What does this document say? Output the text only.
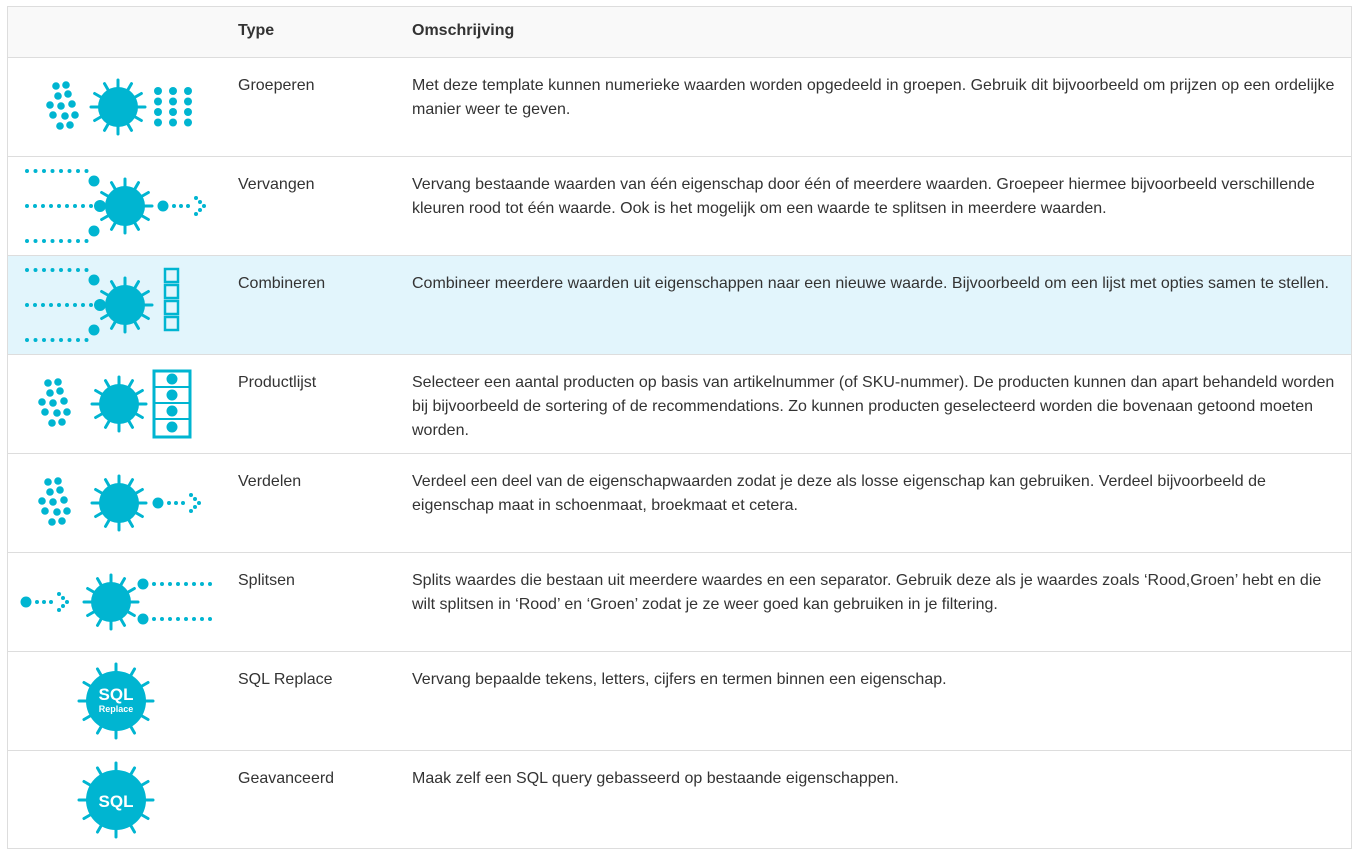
Type	Omschrijving
Groeperen	Met deze template kunnen numerieke waarden worden opgedeeld in groepen. Gebruik dit bijvoorbeeld om prijzen op een ordelijke manier weer te geven.
Vervangen	Vervang bestaande waarden van één eigenschap door één of meerdere waarden. Groepeer hiermee bijvoorbeeld verschillende kleuren rood tot één waarde. Ook is het mogelijk om een waarde te splitsen in meerdere waarden.
Combineren	Combineer meerdere waarden uit eigenschappen naar een nieuwe waarde. Bijvoorbeeld om een lijst met opties samen te stellen.
Productlijst	Selecteer een aantal producten op basis van artikelnummer (of SKU-nummer). De producten kunnen dan apart behandeld worden bij bijvoorbeeld de sortering of de recommendations. Zo kunnen producten geselecteerd worden die bovenaan getoond moeten worden.
Verdelen	Verdeel een deel van de eigenschapwaarden zodat je deze als losse eigenschap kan gebruiken. Verdeel bijvoorbeeld de eigenschap maat in schoenmaat, broekmaat et cetera.
Splitsen	Splits waardes die bestaan uit meerdere waardes en een separator. Gebruik deze als je waardes zoals ‘Rood,Groen’ hebt en die wilt splitsen in ‘Rood’ en ‘Groen’ zodat je ze weer goed kan gebruiken in je filtering.
SQL
Replace
SQL Replace	Vervang bepaalde tekens, letters, cijfers en termen binnen een eigenschap.
SQL
Geavanceerd	Maak zelf een SQL query gebasseerd op bestaande eigenschappen.
